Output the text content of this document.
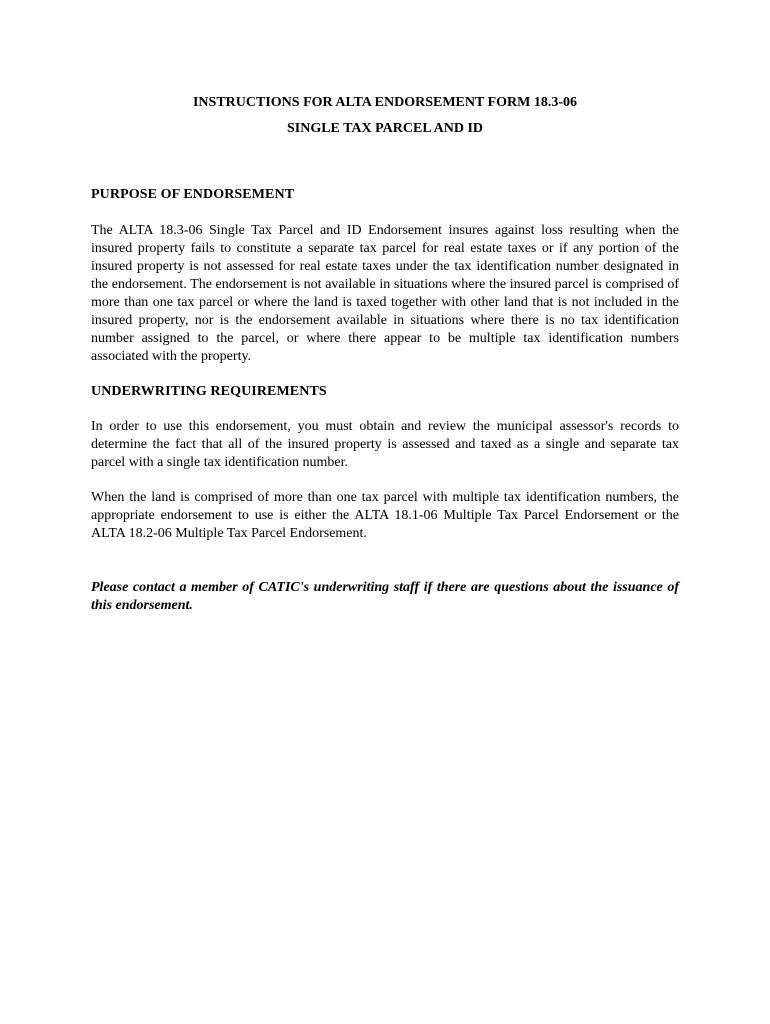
INSTRUCTIONS FOR ALTA ENDORSEMENT FORM 18.3-06
SINGLE TAX PARCEL AND ID
PURPOSE OF ENDORSEMENT
The ALTA 18.3-06 Single Tax Parcel and ID Endorsement insures against loss resulting when the insured property fails to constitute a separate tax parcel for real estate taxes or if any portion of the insured property is not assessed for real estate taxes under the tax identification number designated in the endorsement. The endorsement is not available in situations where the insured parcel is comprised of more than one tax parcel or where the land is taxed together with other land that is not included in the insured property, nor is the endorsement available in situations where there is no tax identification number assigned to the parcel, or where there appear to be multiple tax identification numbers associated with the property.
UNDERWRITING REQUIREMENTS
In order to use this endorsement, you must obtain and review the municipal assessor's records to determine the fact that all of the insured property is assessed and taxed as a single and separate tax parcel with a single tax identification number.
When the land is comprised of more than one tax parcel with multiple tax identification numbers, the appropriate endorsement to use is either the ALTA 18.1-06 Multiple Tax Parcel Endorsement or the ALTA 18.2-06 Multiple Tax Parcel Endorsement.
Please contact a member of CATIC's underwriting staff if there are questions about the issuance of this endorsement.
